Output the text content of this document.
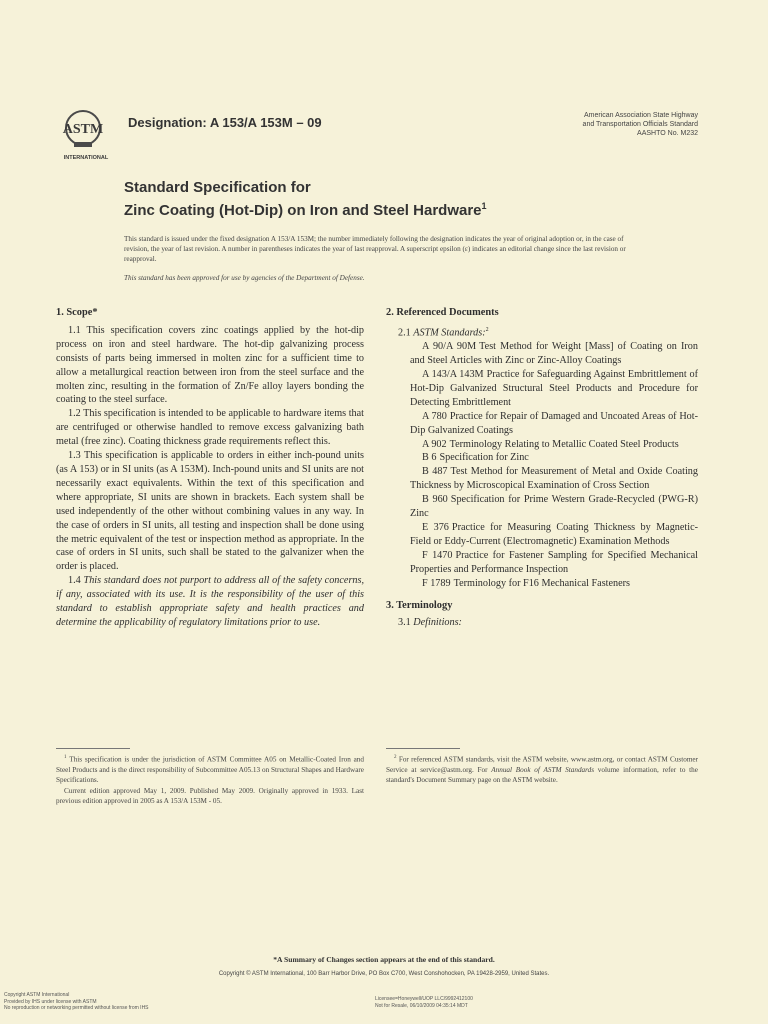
ASTM
INTERNATIONAL
Designation: A 153/A 153M – 09	American Association State Highway
and Transportation Officials Standard
AASHTO No. M232
Standard Specification for
Zinc Coating (Hot-Dip) on Iron and Steel Hardware$^1$

This standard is issued under the fixed designation A 153/A 153M; the number immediately following the designation indicates the year of original adoption or, in the case of revision, the year of last revision. A number in parentheses indicates the year of last reapproval. A superscript epsilon (ε) indicates an editorial change since the last revision or reapproval.

This standard has been approved for use by agencies of the Department of Defense.
1. Scope*

1.1 This specification covers zinc coatings applied by the hot-dip process on iron and steel hardware. The hot-dip galvanizing process consists of parts being immersed in molten zinc for a sufficient time to allow a metallurgical reaction between iron from the steel surface and the molten zinc, resulting in the formation of Zn/Fe alloy layers bonding the coating to the steel surface.

1.2 This specification is intended to be applicable to hardware items that are centrifuged or otherwise handled to remove excess galvanizing bath metal (free zinc). Coating thickness grade requirements reflect this.

1.3 This specification is applicable to orders in either inch-pound units (as A 153) or in SI units (as A 153M). Inch-pound units and SI units are not necessarily exact equivalents. Within the text of this specification and where appropriate, SI units are shown in brackets. Each system shall be used independently of the other without combining values in any way. In the case of orders in SI units, all testing and inspection shall be done using the metric equivalent of the test or inspection method as appropriate. In the case of orders in SI units, such shall be stated to the galvanizer when the order is placed.

1.4 This standard does not purport to address all of the safety concerns, if any, associated with its use. It is the responsibility of the user of this standard to establish appropriate safety and health practices and determine the applicability of regulatory limitations prior to use.

2. Referenced Documents
2.1 ASTM Standards:$^2$

A 90/A 90M Test Method for Weight [Mass] of Coating on Iron and Steel Articles with Zinc or Zinc-Alloy Coatings

A 143/A 143M Practice for Safeguarding Against Embrittlement of Hot-Dip Galvanized Structural Steel Products and Procedure for Detecting Embrittlement

A 780 Practice for Repair of Damaged and Uncoated Areas of Hot-Dip Galvanized Coatings

A 902 Terminology Relating to Metallic Coated Steel Products

B 6 Specification for Zinc

B 487 Test Method for Measurement of Metal and Oxide Coating Thickness by Microscopical Examination of Cross Section

B 960 Specification for Prime Western Grade-Recycled (PWG-R) Zinc

E 376 Practice for Measuring Coating Thickness by Magnetic-Field or Eddy-Current (Electromagnetic) Examination Methods

F 1470 Practice for Fastener Sampling for Specified Mechanical Properties and Performance Inspection

F 1789 Terminology for F16 Mechanical Fasteners

3. Terminology
3.1 Definitions:

$^1$ This specification is under the jurisdiction of ASTM Committee A05 on Metallic-Coated Iron and Steel Products and is the direct responsibility of Subcommittee A05.13 on Structural Shapes and Hardware Specifications.

Current edition approved May 1, 2009. Published May 2009. Originally approved in 1933. Last previous edition approved in 2005 as A 153/A 153M - 05.

$^2$ For referenced ASTM standards, visit the ASTM website, www.astm.org, or contact ASTM Customer Service at service@astm.org. For Annual Book of ASTM Standards volume information, refer to the standard's Document Summary page on the ASTM website.

*A Summary of Changes section appears at the end of this standard.
Copyright © ASTM International, 100 Barr Harbor Drive, PO Box C700, West Conshohocken, PA 19428-2959, United States.
Copyright ASTM International
Provided by IHS under license with ASTM
No reproduction or networking permitted without license from IHS
Licensee=Honeywell/UOP LLC/9992412100
Not for Resale, 06/10/2009 04:35:14 MDT
